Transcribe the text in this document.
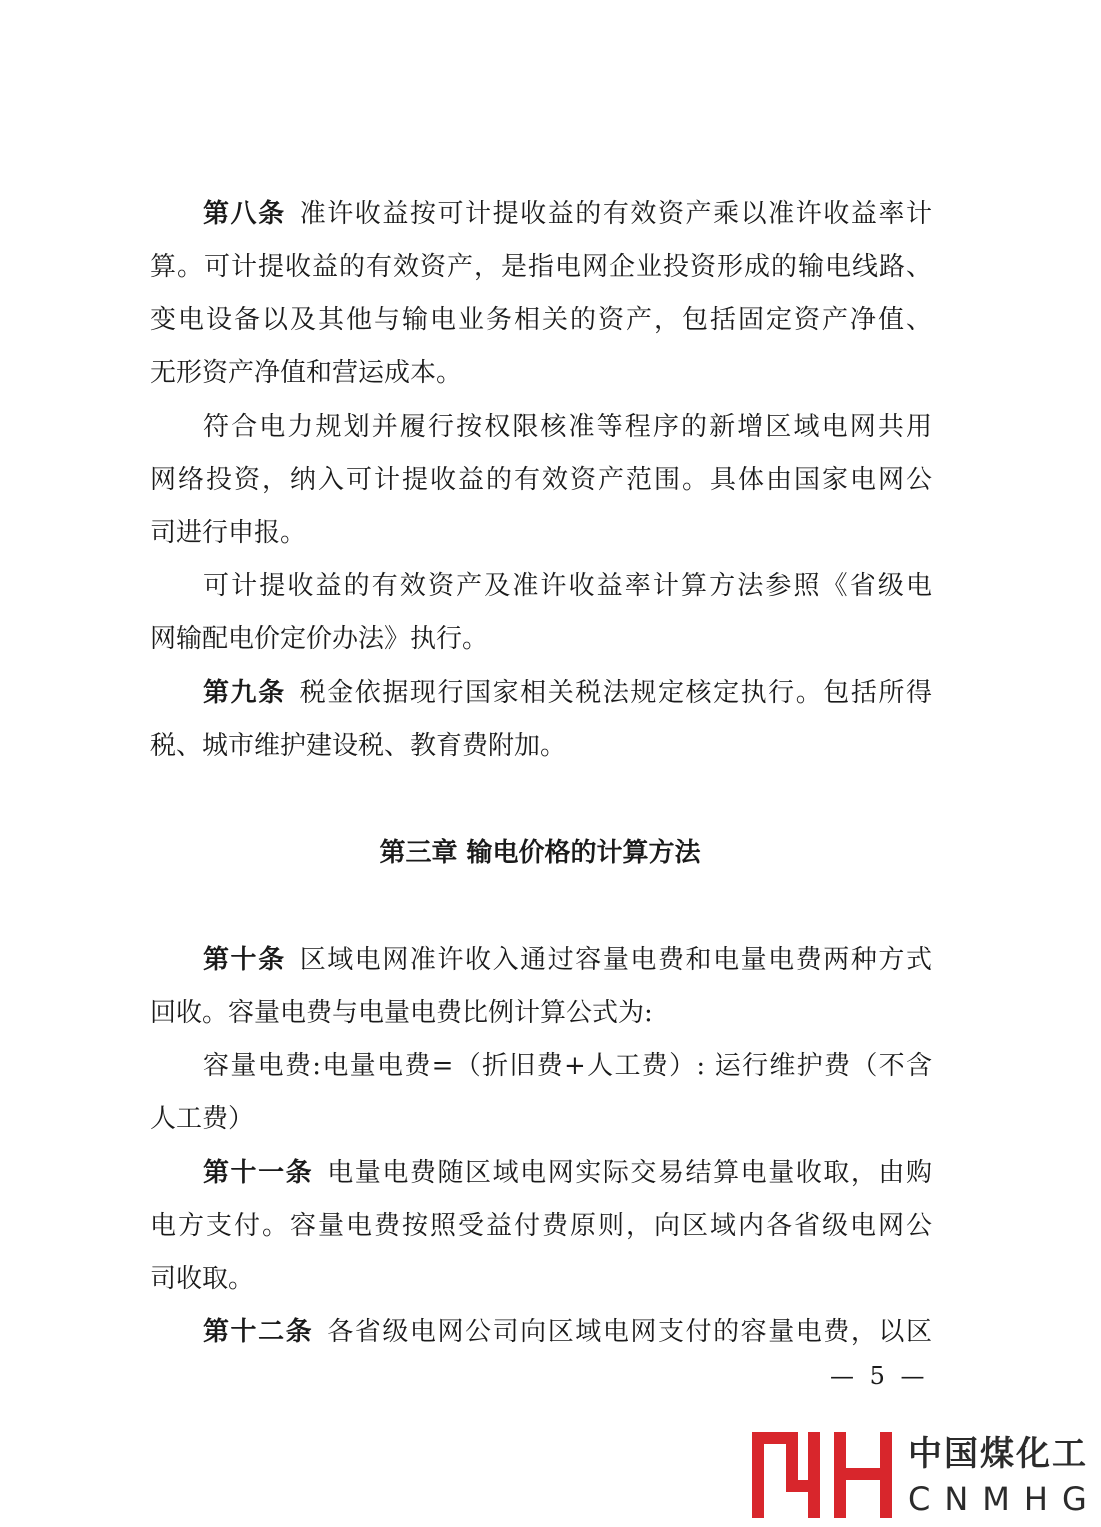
第八条 准许收益按可计提收益的有效资产乘以准许收益率计
算。可计提收益的有效资产，是指电网企业投资形成的输电线路、
变电设备以及其他与输电业务相关的资产，包括固定资产净值、
无形资产净值和营运成本。
符合电力规划并履行按权限核准等程序的新增区域电网共用
网络投资，纳入可计提收益的有效资产范围。具体由国家电网公
司进行申报。
可计提收益的有效资产及准许收益率计算方法参照《省级电
网输配电价定价办法》执行。
第九条 税金依据现行国家相关税法规定核定执行。包括所得
税、城市维护建设税、教育费附加。
第三章 输电价格的计算方法
第十条 区域电网准许收入通过容量电费和电量电费两种方式
回收。容量电费与电量电费比例计算公式为:
容量电费:电量电费=（折旧费+人工费）: 运行维护费（不含
人工费）
第十一条 电量电费随区域电网实际交易结算电量收取，由购
电方支付。容量电费按照受益付费原则，向区域内各省级电网公
司收取。
第十二条 各省级电网公司向区域电网支付的容量电费，以区
— 5 —
中国煤化工
CNMHG
